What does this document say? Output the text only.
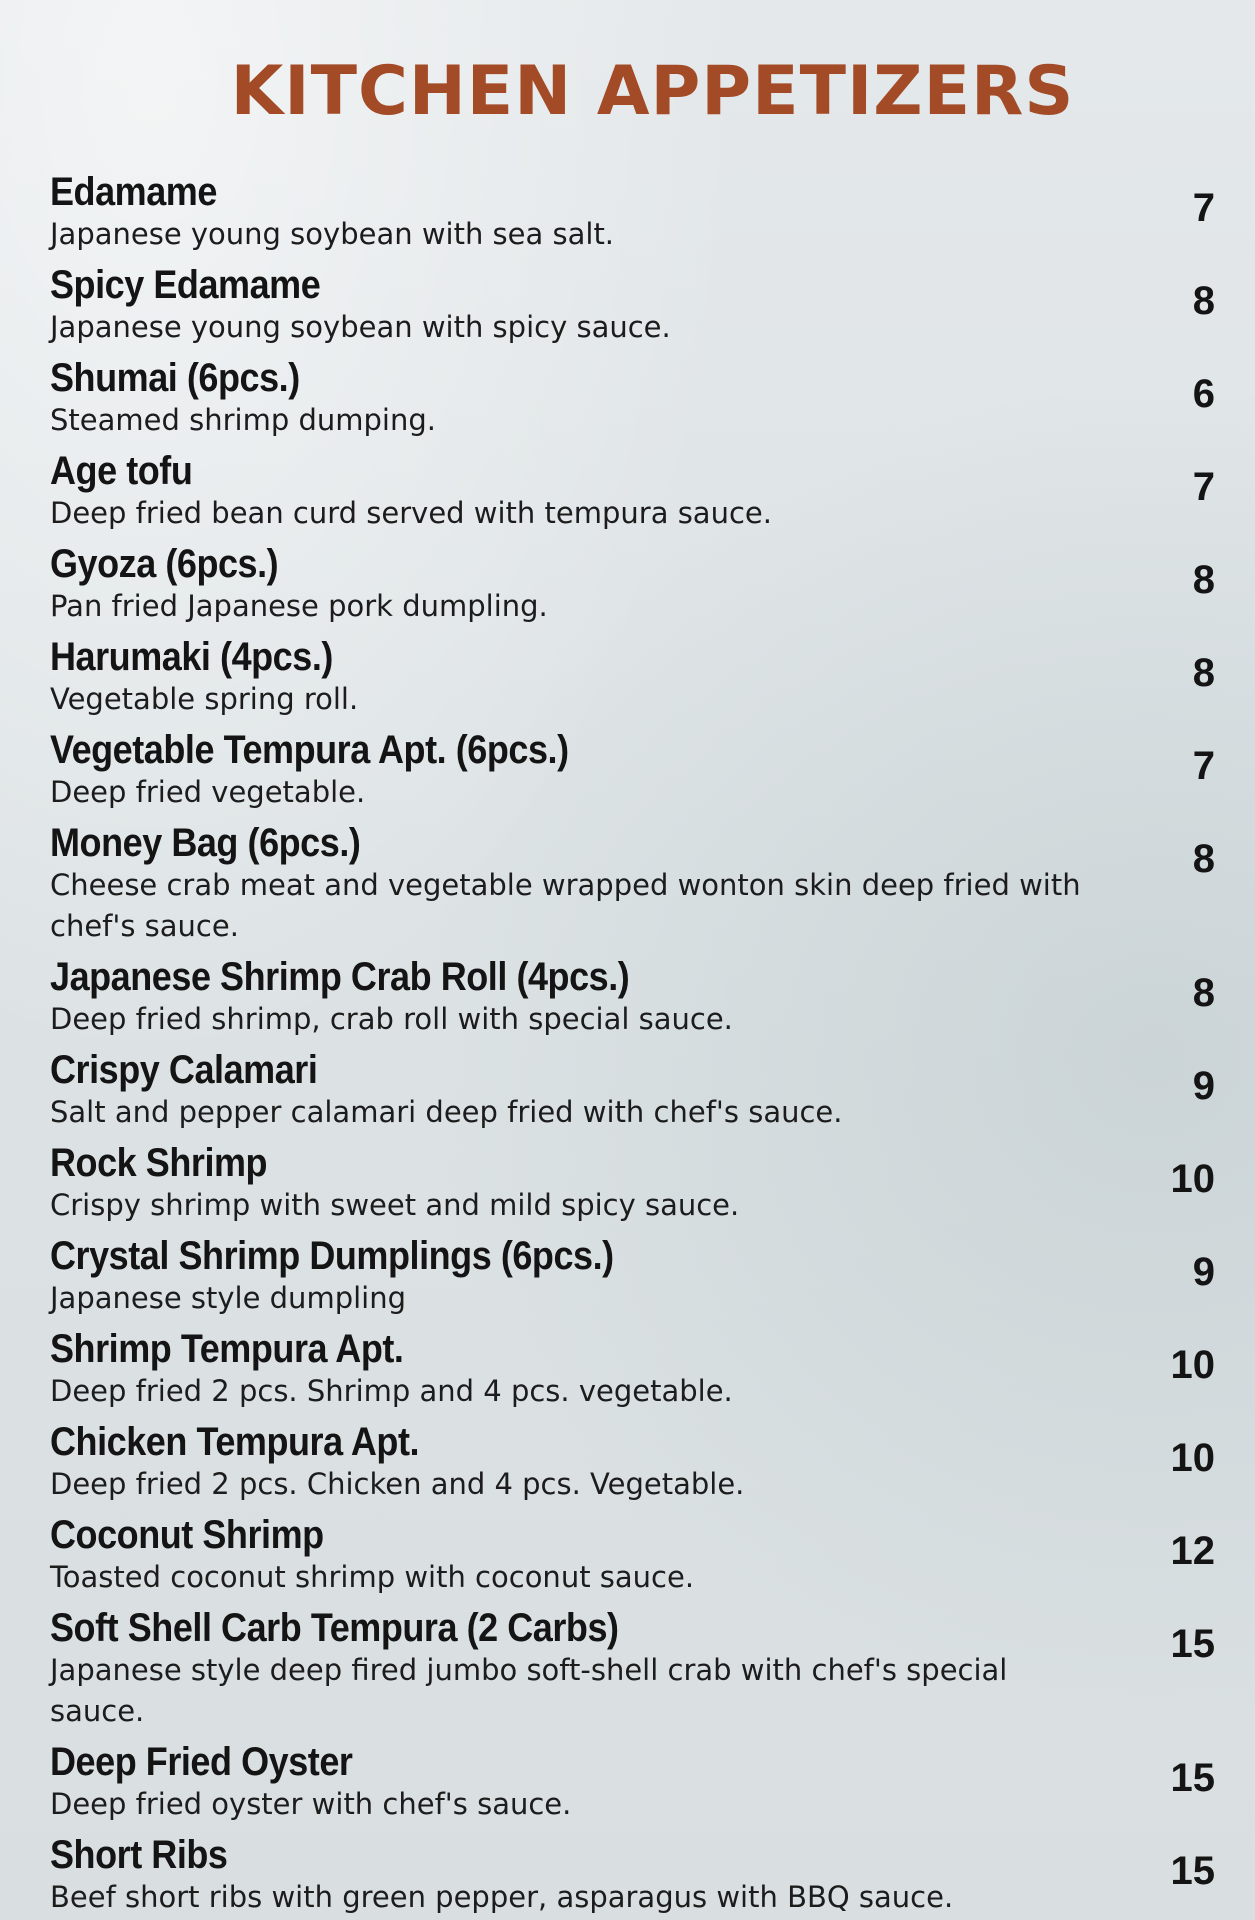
KITCHEN APPETIZERS
Edamame	7
Japanese young soybean with sea salt.
Spicy Edamame	8
Japanese young soybean with spicy sauce.
Shumai (6pcs.)	6
Steamed shrimp dumping.
Age tofu	7
Deep fried bean curd served with tempura sauce.
Gyoza (6pcs.)	8
Pan fried Japanese pork dumpling.
Harumaki (4pcs.)	8
Vegetable spring roll.
Vegetable Tempura Apt. (6pcs.)	7
Deep fried vegetable.
Money Bag (6pcs.)	8
Cheese crab meat and vegetable wrapped wonton skin deep fried with chef's sauce.
Japanese Shrimp Crab Roll (4pcs.)	8
Deep fried shrimp, crab roll with special sauce.
Crispy Calamari	9
Salt and pepper calamari deep fried with chef's sauce.
Rock Shrimp	10
Crispy shrimp with sweet and mild spicy sauce.
Crystal Shrimp Dumplings (6pcs.)	9
Japanese style dumpling
Shrimp Tempura Apt.	10
Deep fried 2 pcs. Shrimp and 4 pcs. vegetable.
Chicken Tempura Apt.	10
Deep fried 2 pcs. Chicken and 4 pcs. Vegetable.
Coconut Shrimp	12
Toasted coconut shrimp with coconut sauce.
Soft Shell Carb Tempura (2 Carbs)	15
Japanese style deep fired jumbo soft-shell crab with chef's special sauce.
Deep Fried Oyster	15
Deep fried oyster with chef's sauce.
Short Ribs	15
Beef short ribs with green pepper, asparagus with BBQ sauce.
